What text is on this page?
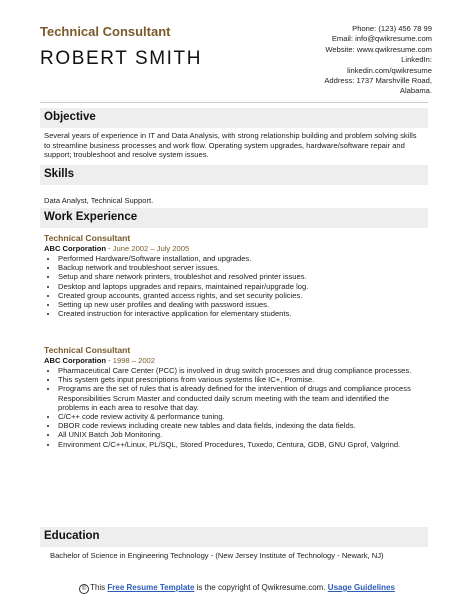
Technical Consultant
ROBERT SMITH
Phone: (123) 456 78 99
Email: info@qwikresume.com
Website: www.qwikresume.com
LinkedIn:
linkedin.com/qwikresume
Address: 1737 Marshville Road,
Alabama.
Objective
Several years of experience in IT and Data Analysis, with strong relationship building and problem solving skills to streamline business processes and work flow. Operating system upgrades, hardware/software repair and support; troubleshoot and resolve system issues.
Skills
Data Analyst, Technical Support.
Work Experience
Technical Consultant
ABC Corporation - June 2002 – July 2005
• Performed Hardware/Software installation, and upgrades.
• Backup network and troubleshoot server issues.
• Setup and share network printers, troubleshot and resolved printer issues.
• Desktop and laptops upgrades and repairs, maintained repair/upgrade log.
• Created group accounts, granted access rights, and set security policies.
• Setting up new user profiles and dealing with password issues.
• Created instruction for interactive application for elementary students.
Technical Consultant
ABC Corporation - 1998 – 2002
• Pharmaceutical Care Center (PCC) is involved in drug switch processes and drug compliance processes.
• This system gets input prescriptions from various systems like IC+, Promise.
• Programs are the set of rules that is already defined for the intervention of drugs and compliance process Responsibilities Scrum Master and conducted daily scrum meeting with the team and identified the problems in each area to resolve that day.
• C/C++ code review activity & performance tuning.
• DBOR code reviews including create new tables and data fields, indexing the data fields.
• All UNIX Batch Job Monitoring.
• Environment C/C++/Linux, PL/SQL, Stored Procedures, Tuxedo, Centura, GDB, GNU Gprof, Valgrind.
Education
Bachelor of Science in Engineering Technology - (New Jersey Institute of Technology - Newark, NJ)
© This Free Resume Template is the copyright of Qwikresume.com. Usage Guidelines
